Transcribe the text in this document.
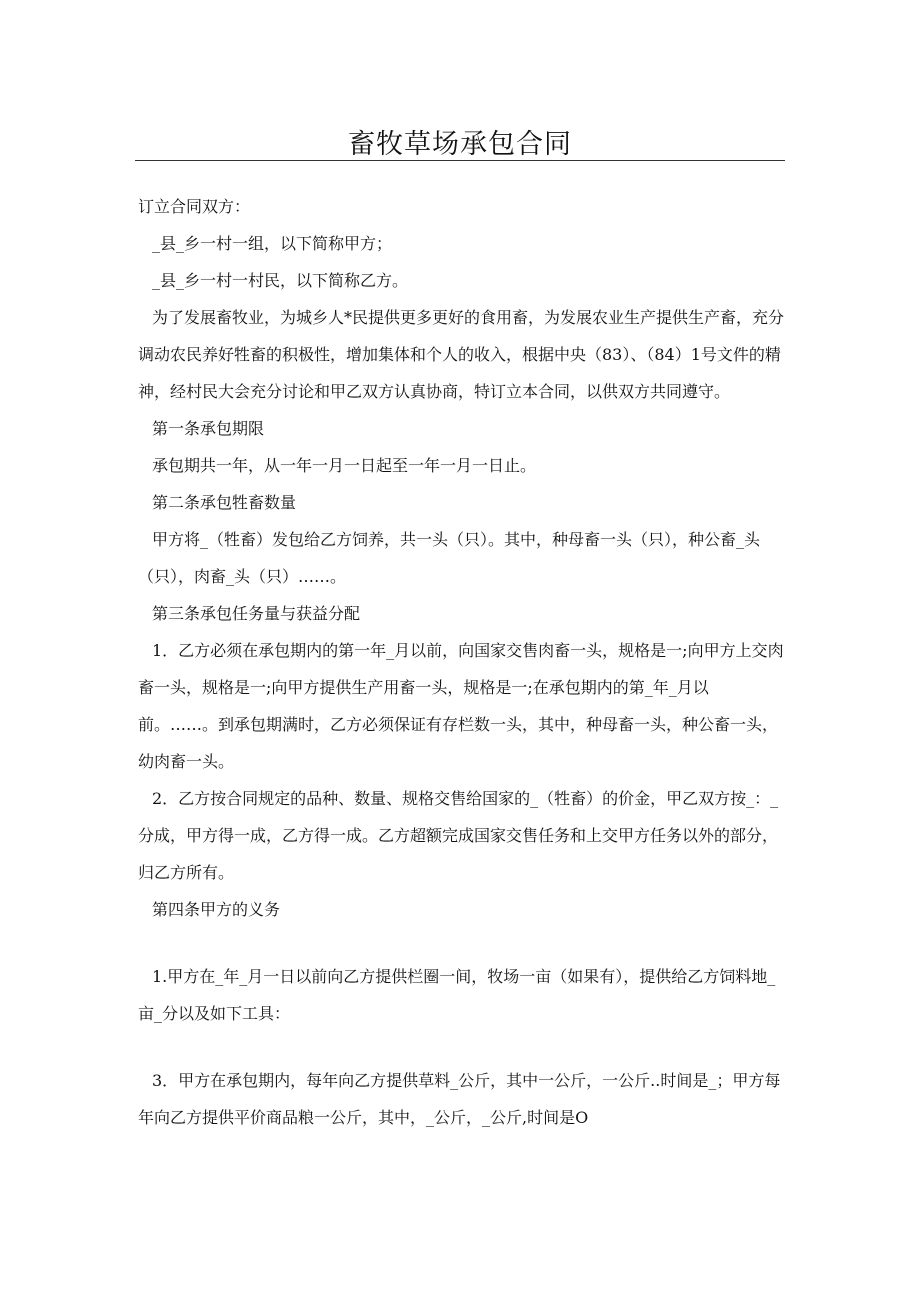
畜牧草场承包合同

订立合同双方：

_县_乡一村一组，以下简称甲方；

_县_乡一村一村民，以下简称乙方。

为了发展畜牧业，为城乡人*民提供更多更好的食用畜，为发展农业生产提供生产畜，充分调动农民养好牲畜的积极性，增加集体和个人的收入，根据中央（83）、（84）1号文件的精神，经村民大会充分讨论和甲乙双方认真协商，特订立本合同，以供双方共同遵守。

第一条承包期限

承包期共一年，从一年一月一日起至一年一月一日止。

第二条承包牲畜数量

甲方将_（牲畜）发包给乙方饲养，共一头（只）。其中，种母畜一头（只），种公畜_头（只），肉畜_头（只）……。

第三条承包任务量与获益分配

1．乙方必须在承包期内的第一年_月以前，向国家交售肉畜一头，规格是一;向甲方上交肉畜一头，规格是一;向甲方提供生产用畜一头，规格是一;在承包期内的第_年_月以前。……。到承包期满时，乙方必须保证有存栏数一头，其中，种母畜一头，种公畜一头，幼肉畜一头。

2．乙方按合同规定的品种、数量、规格交售给国家的_（牲畜）的价金，甲乙双方按_：_分成，甲方得一成，乙方得一成。乙方超额完成国家交售任务和上交甲方任务以外的部分，归乙方所有。

第四条甲方的义务

1.甲方在_年_月一日以前向乙方提供栏圈一间，牧场一亩（如果有），提供给乙方饲料地_亩_分以及如下工具：

3．甲方在承包期内，每年向乙方提供草料_公斤，其中一公斤，一公斤..时间是_；甲方每年向乙方提供平价商品粮一公斤，其中，_公斤，_公斤,时间是O
